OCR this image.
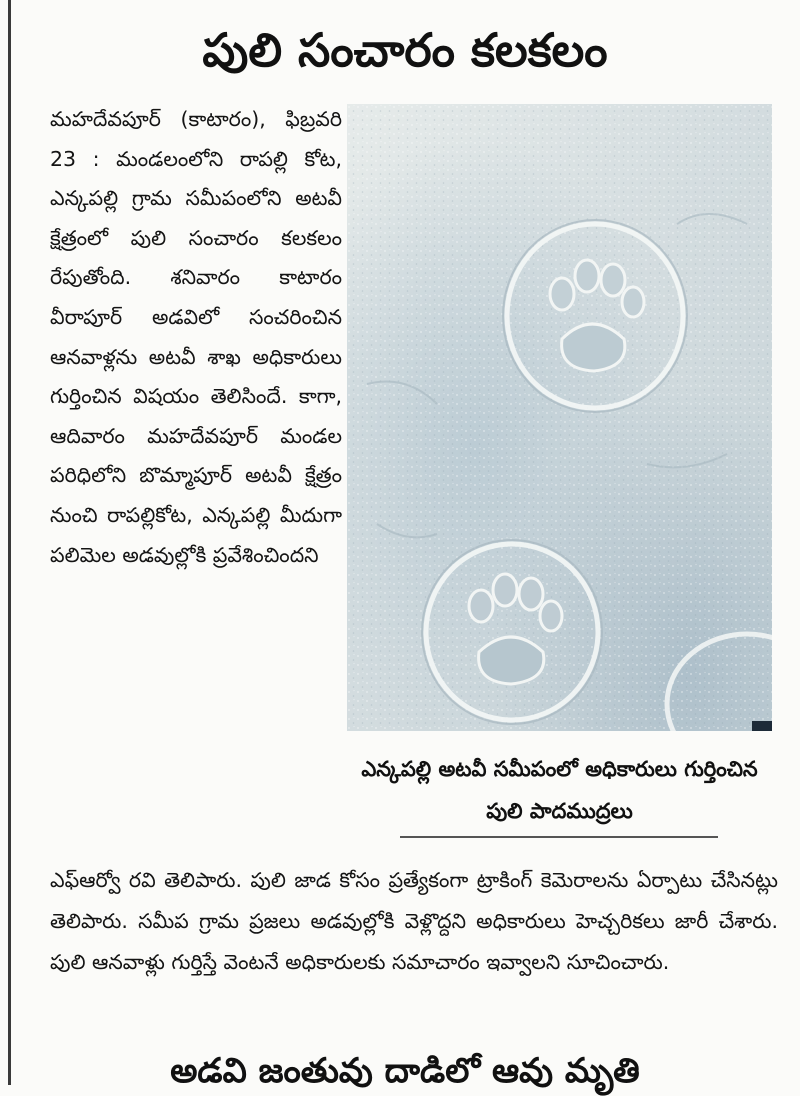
పులి సంచారం కలకలం

మహదేవపూర్ (కాటారం), ఫిబ్రవరి 23 : మండలంలోని రాపల్లి కోట, ఎన్కపల్లి గ్రామ సమీపంలోని అటవీ క్షేత్రంలో పులి సంచారం కలకలం రేపుతోంది. శనివారం కాటారం వీరాపూర్ అడవిలో సంచరించిన ఆనవాళ్లను అటవీ శాఖ అధికారులు గుర్తించిన విషయం తెలిసిందే. కాగా, ఆదివారం మహదేవపూర్ మండల పరిధిలోని బొమ్మాపూర్ అటవీ క్షేత్రం నుంచి రాపల్లికోట, ఎన్కపల్లి మీదుగా పలిమెల అడవుల్లోకి ప్రవేశించిందని

ఎన్కపల్లి అటవీ సమీపంలో అధికారులు గుర్తించిన పులి పాదముద్రలు

ఎఫ్ఆర్వో రవి తెలిపారు. పులి జాడ కోసం ప్రత్యేకంగా ట్రాకింగ్ కెమెరాలను ఏర్పాటు చేసినట్లు తెలిపారు. సమీప గ్రామ ప్రజలు అడవుల్లోకి వెళ్లొద్దని అధికారులు హెచ్చరికలు జారీ చేశారు. పులి ఆనవాళ్లు గుర్తిస్తే వెంటనే అధికారులకు సమాచారం ఇవ్వాలని సూచించారు.

అడవి జంతువు దాడిలో ఆవు మృతి
